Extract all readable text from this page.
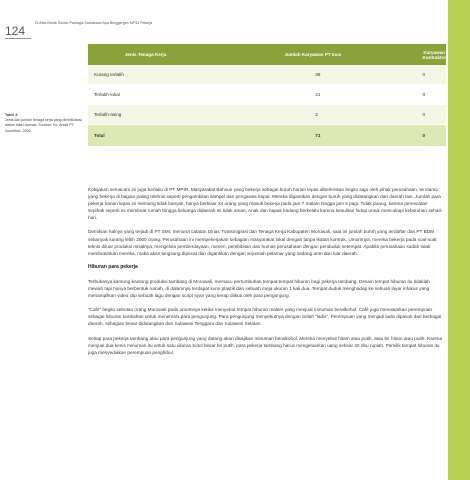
124
Di Atas Break Sosial: Pantagis Sumasaan Apa Berggergen MP33 Pekerja
Tabel 3:
Jenis dan jumlah tenaga kerja yang dimiliki/atasi dalam tabel operasi. Sumber: Ko. Andal PT. Inco/Walc, 2006
Jenis Tenaga Kerja	Jumlah Karyawan PT Inco	Karyawan Kontraktor
Kurang terlatih	38	0
Terlatih-lokal	31	0
Terlatih-asing	2	0
Total	71	0

Kebijakan semacam ini juga berlaku di PT MPIR. Masyarakat Bahoue yang bekerja sebagai buruh harian lepas diberlenkan begitu saja oleh pihak perusahaan, terutama yang bekerja di bagian paling tekhnis seperti pengambilan sampel dan pengawas kapal. Mereka digantikan dengan buruh yang didatangkan dari daerah lain. Jumlah para pekerja harian lepas ini memang tidak banyak, hanya berkisar 24 orang yang masuk bekerja pada jam 7 malam hingga jam 6 pagi. Tidak jarang, karena pemecatan sepihak seperti ini membuat rumah tangga keluarga didaerah ini tidak aman. Anak dan bapak kadang berkelahi karena kesulitan hidup untuk mencukupi kebutuhan sehari-hari.

Demikian halnya yang terjadi di PT SMI, menurut catatan Dinas Transmigrasi dan Tenaga Kerja Kabupaten Morowali, saat ini jumlah buruh yang terdaftar dari PT BDM sebanyak kurang lebih 2000 orang. Perusahaan ini mempekerjakan sebagian masyarakat lokal dengan tanpa ikatan kontrak. Umumnya, mereka bekerja pada soal-soal teknis diluar produksi misalnya, mengelola pemberdayaan, nurseri, pembibitan dan humas perusahaan dengan penduduk setempat. Apabila perusahaan sudah tidak membutuhkan mereka, maka akan langsung dipecat dan digantikan dengan sejumlah pelamar yang sedang antri dari luar daerah.

Hiburan para pekerja

Terbukanya kantong-kantong produksi tambang di Morowali, memacu pertumbuhan tempat-tempat hiburan bagi pekerja tambang. Desain tempat hiburan itu tidaklah mewah tapi hanya berbentuk rumah, di dalamnya terdapat kursi plastik dan sebuah meja ukuran 1 kali dua. Tempat duduk menghadap ke sebuah layar infokus yang menampilkan video clip sebuah lagu dengan script syair yang kerap diikuti oleh para pengunjung.

“Café” begitu sebutan orang Morowali pada umumnya ketika menyebut tempat hiburan malam yang menjual minuman beralkohol. Café juga menawarkan perempuan sebagai hiburan tambahan untuk menemani para pengunjung. Para pengunjung menyebutnya dengan istilah “ladis”. Perempuan yang menjadi ladis dipasok dari berbagai daerah, sebagian besar didatangkan dari Sulawesi Tenggara dan Sulawesi Selatan.

Setiap para pekerja tambang atau para pengunjung yang datang akan disajikan minuman beralkohol. Mereka menyebut hitam atau putih, atau bir hitam atau putih. Karena menjual dua kenis minuman itu untuk satu ukuran botol besar bir putih, para pekerja tambang harus mengeluarkan uang sebsar 40 ribu rupiah. Pemilik tempat hiburan itu juga menyediakan perempuan penghibur.
